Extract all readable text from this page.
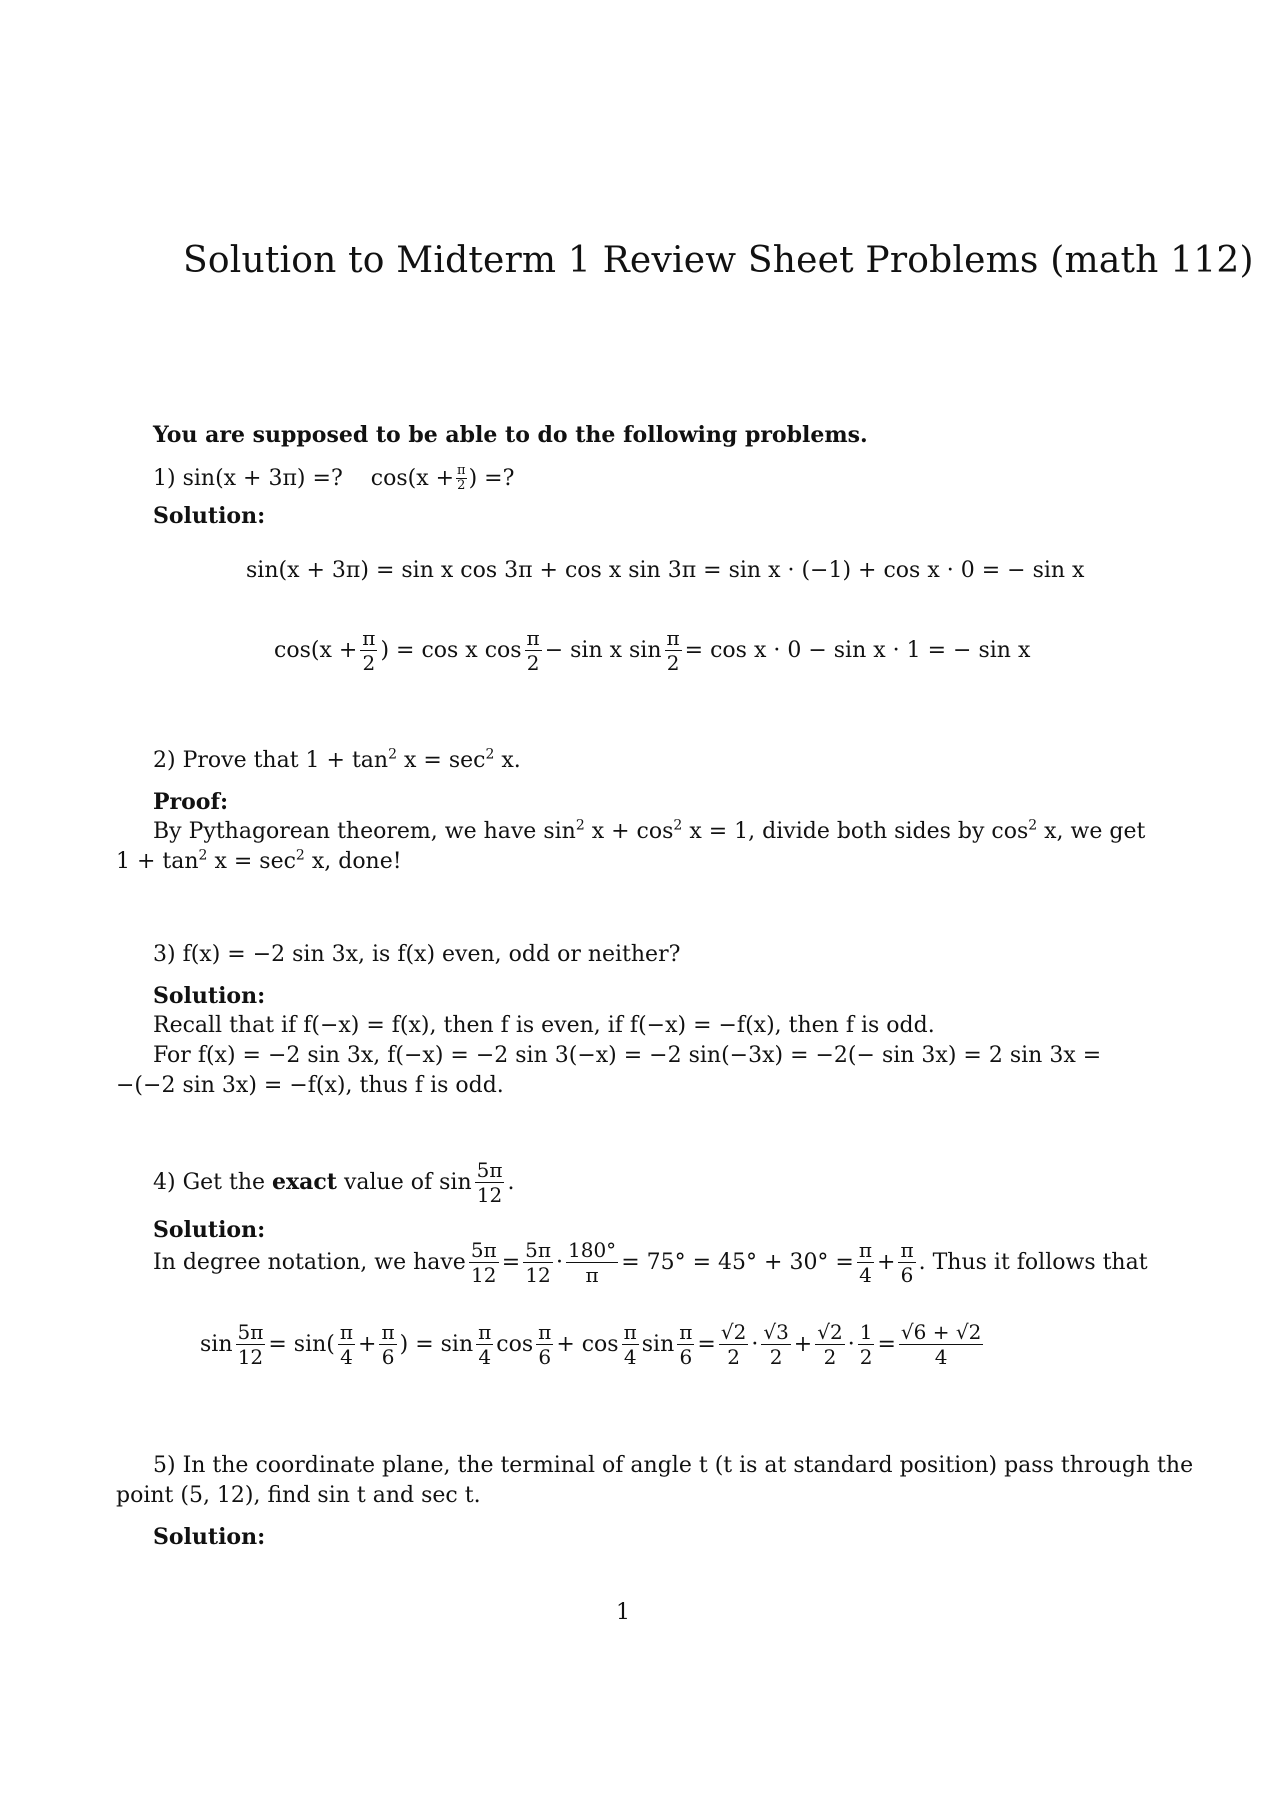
Solution to Midterm 1 Review Sheet Problems (math 112)
You are supposed to be able to do the following problems.
1) sin(x + 3π) =? $\cos(x + \frac{\pi}{2}$ ) =?
Solution:
sin(x + 3π) = sin x cos 3π + cos x sin 3π = sin x · (−1) + cos x · 0 = − sin x
$\cos(x + \frac{\pi}{2}$ ) = cos x $\cos \frac{\pi}{2} - \sin x$ $\sin \frac{\pi}{2} = \cos x \cdot 0 - \sin x \cdot 1$ = − sin x
2) Prove that $1 + \tan^2 x = \sec^2 x$.
Proof:
By Pythagorean theorem, we have $\sin^2 x + \cos^2 x = 1$, divide both sides by $\cos^2 x$, we get
$1 + \tan^2 x = \sec^2 x$, done!
3) f(x) = −2 sin 3x, is f(x) even, odd or neither?
Solution:
Recall that if f(−x) = f(x), then f is even, if f(−x) = −f(x), then f is odd.
For f(x) = −2 sin 3x, f(−x) = −2 sin 3(−x) = −2 sin(−3x) = −2(− sin 3x) = 2 sin 3x =
−(−2 sin 3x) = −f(x), thus f is odd.
4) Get the exact value of $\sin \frac{5\pi}{12}$ .
Solution:
In degree notation, we have $\frac{5\pi}{12} = \frac{5\pi}{12} \cdot \frac{180^\circ}{\pi} = 75^\circ = 45^\circ + 30^\circ = \frac{\pi}{4} + \frac{\pi}{6}$ . Thus it follows that
$\sin \frac{5\pi}{12} = \sin( \frac{\pi}{4} + \frac{\pi}{6}$ ) = $\sin \frac{\pi}{4}$ $\cos \frac{\pi}{6} + \cos \frac{\pi}{4}$ $\sin \frac{\pi}{6} = \frac{√2}{2} \cdot \frac{√3}{2} + \frac{√2}{2} \cdot \frac{1}{2} = \frac{√6 + √2}{4}$
5) In the coordinate plane, the terminal of angle t (t is at standard position) pass through the
point (5, 12), find sin t and sec t.
Solution:
1
